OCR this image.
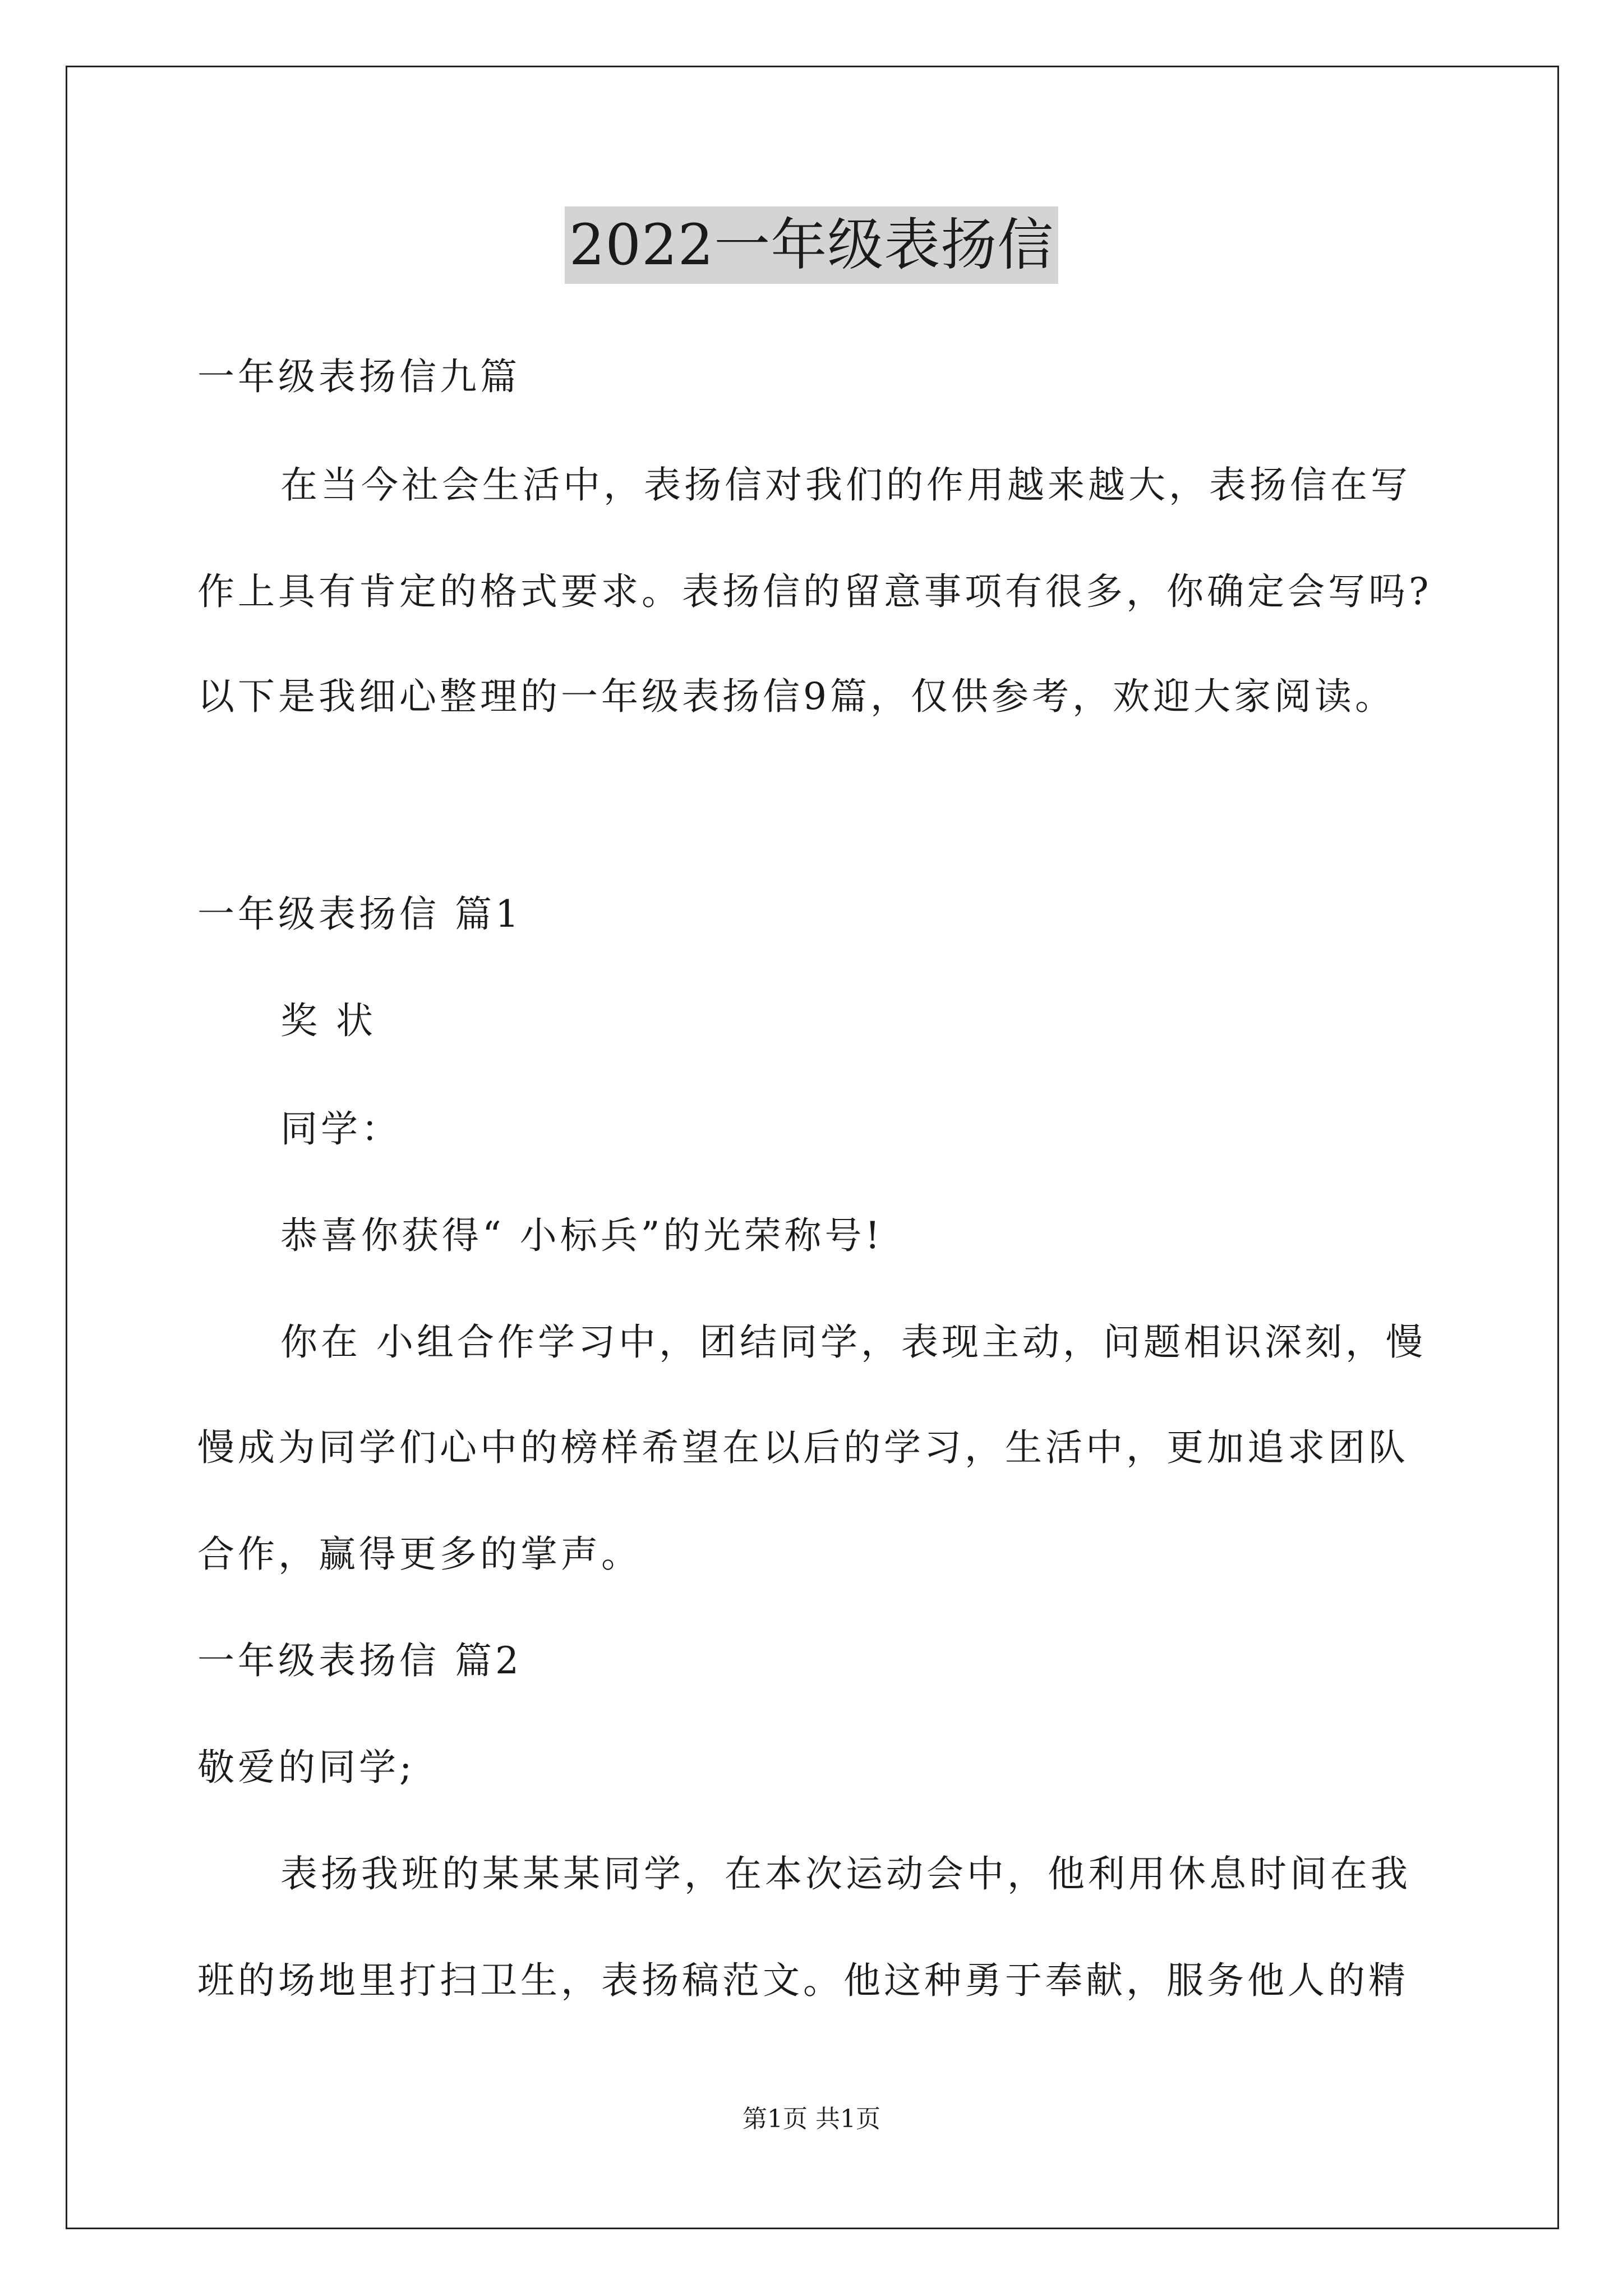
2022一年级表扬信
一年级表扬信九篇
在当今社会生活中，表扬信对我们的作用越来越大，表扬信在写
作上具有肯定的格式要求。表扬信的留意事项有很多，你确定会写吗?
以下是我细心整理的一年级表扬信9篇，仅供参考，欢迎大家阅读。
一年级表扬信 篇1
奖 状
同学：
恭喜你获得“ 小标兵”的光荣称号!
你在 小组合作学习中，团结同学，表现主动，问题相识深刻，慢
慢成为同学们心中的榜样希望在以后的学习，生活中，更加追求团队
合作，赢得更多的掌声。
一年级表扬信 篇2
敬爱的同学;
表扬我班的某某某同学，在本次运动会中，他利用休息时间在我
班的场地里打扫卫生，表扬稿范文。他这种勇于奉献，服务他人的精
第1页 共1页
